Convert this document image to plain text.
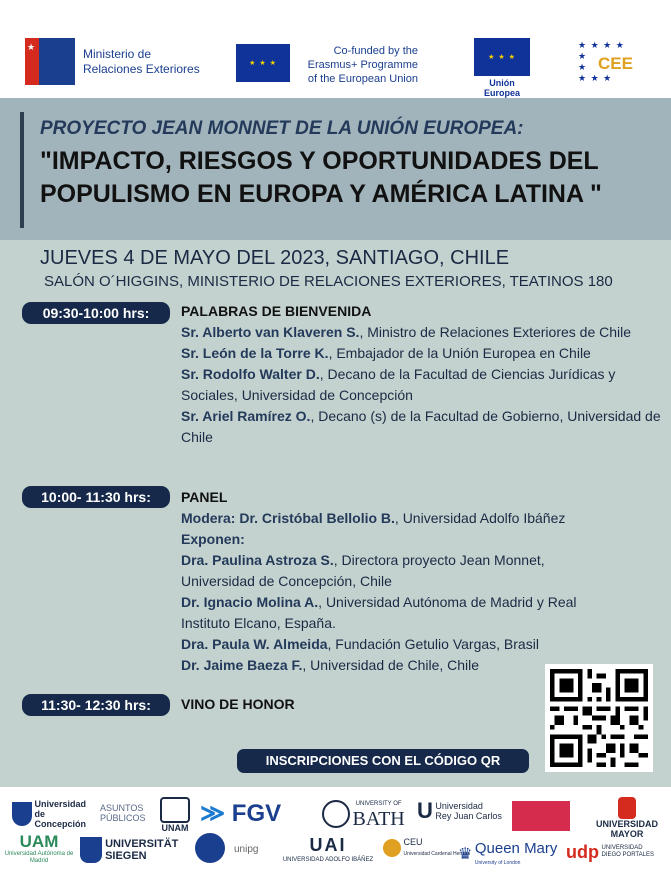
★	Ministerio de
Relaciones Exteriores	★ ★ ★

Co-funded by the
Erasmus+ Programme
of the European Union
★ ★ ★
Unión Europea
★ ★ ★ ★
★
★
★ ★ ★
CEE
PROYECTO JEAN MONNET DE LA UNIÓN EUROPEA:
"IMPACTO, RIESGOS Y OPORTUNIDADES DEL
POPULISMO EN EUROPA Y AMÉRICA LATINA "
JUEVES 4 DE MAYO DEL 2023, SANTIAGO, CHILE
SALÓN O´HIGGINS, MINISTERIO DE RELACIONES EXTERIORES, TEATINOS 180
09:30-10:00 hrs:	PALABRAS DE BIENVENIDA

Sr. Alberto van Klaveren S., Ministro de Relaciones Exteriores de Chile

Sr. León de la Torre K., Embajador de la Unión Europea en Chile

Sr. Rodolfo Walter D., Decano de la Facultad de Ciencias Jurídicas y Sociales, Universidad de Concepción

Sr. Ariel Ramírez O., Decano (s) de la Facultad de Gobierno, Universidad de Chile

10:00- 11:30 hrs:	PANEL

Modera: Dr. Cristóbal Bellolio B., Universidad Adolfo Ibáñez

Exponen:

Dra. Paulina Astroza S., Directora proyecto Jean Monnet, Universidad de Concepción, Chile

Dr. Ignacio Molina A., Universidad Autónoma de Madrid y Real Instituto Elcano, España.

Dra. Paula W. Almeida, Fundación Getulio Vargas, Brasil

Dr. Jaime Baeza F., Universidad de Chile, Chile

11:30- 12:30 hrs:	VINO DE HONOR

INSCRIPCIONES CON EL CÓDIGO QR
Universidad de Concepción
ASUNTOS PÚBLICOS
UNAM
≫ FGV
	UNIVERSITY OF
BATH U Universidad
Rey Juan Carlos
UNIVERSIDAD
MAYOR
UAM
Universidad Autónoma de Madrid
UNIVERSITÄT
SIEGEN
unipg	UAI
UNIVERSIDAD ADOLFO IBÁÑEZ
CEU
Universidad Cardenal Herrera
♛ Queen Mary
University of London
udp UNIVERSIDAD DIEGO PORTALES
